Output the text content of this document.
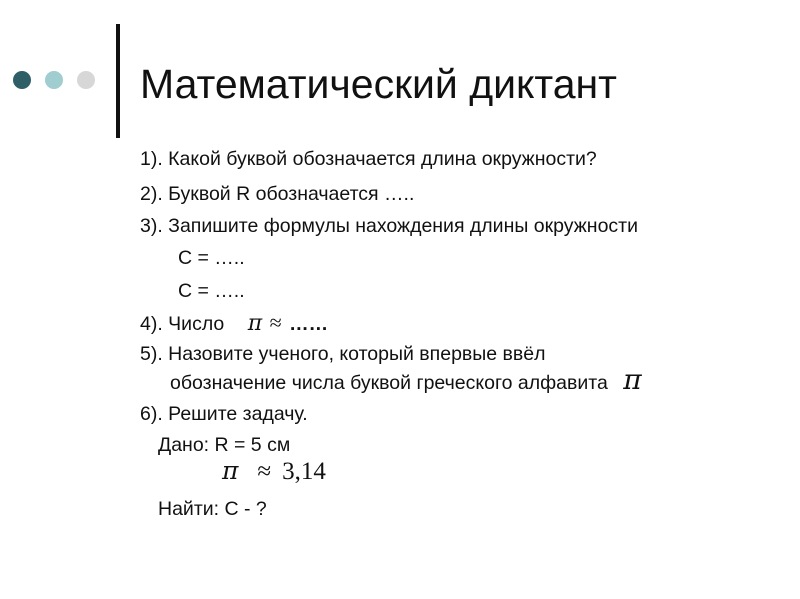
Математический диктант
1). Какой буквой обозначается длина окружности?
2). Буквой R обозначается …..
3). Запишите формулы нахождения длины окружности
С = …..
С = …..
4). Число π ≈ ……
5). Назовите ученого, который впервые ввёл
обозначение числа буквой греческого алфавита π
6). Решите задачу.
Дано: R = 5 см
π ≈ 3,14
Найти: С - ?
